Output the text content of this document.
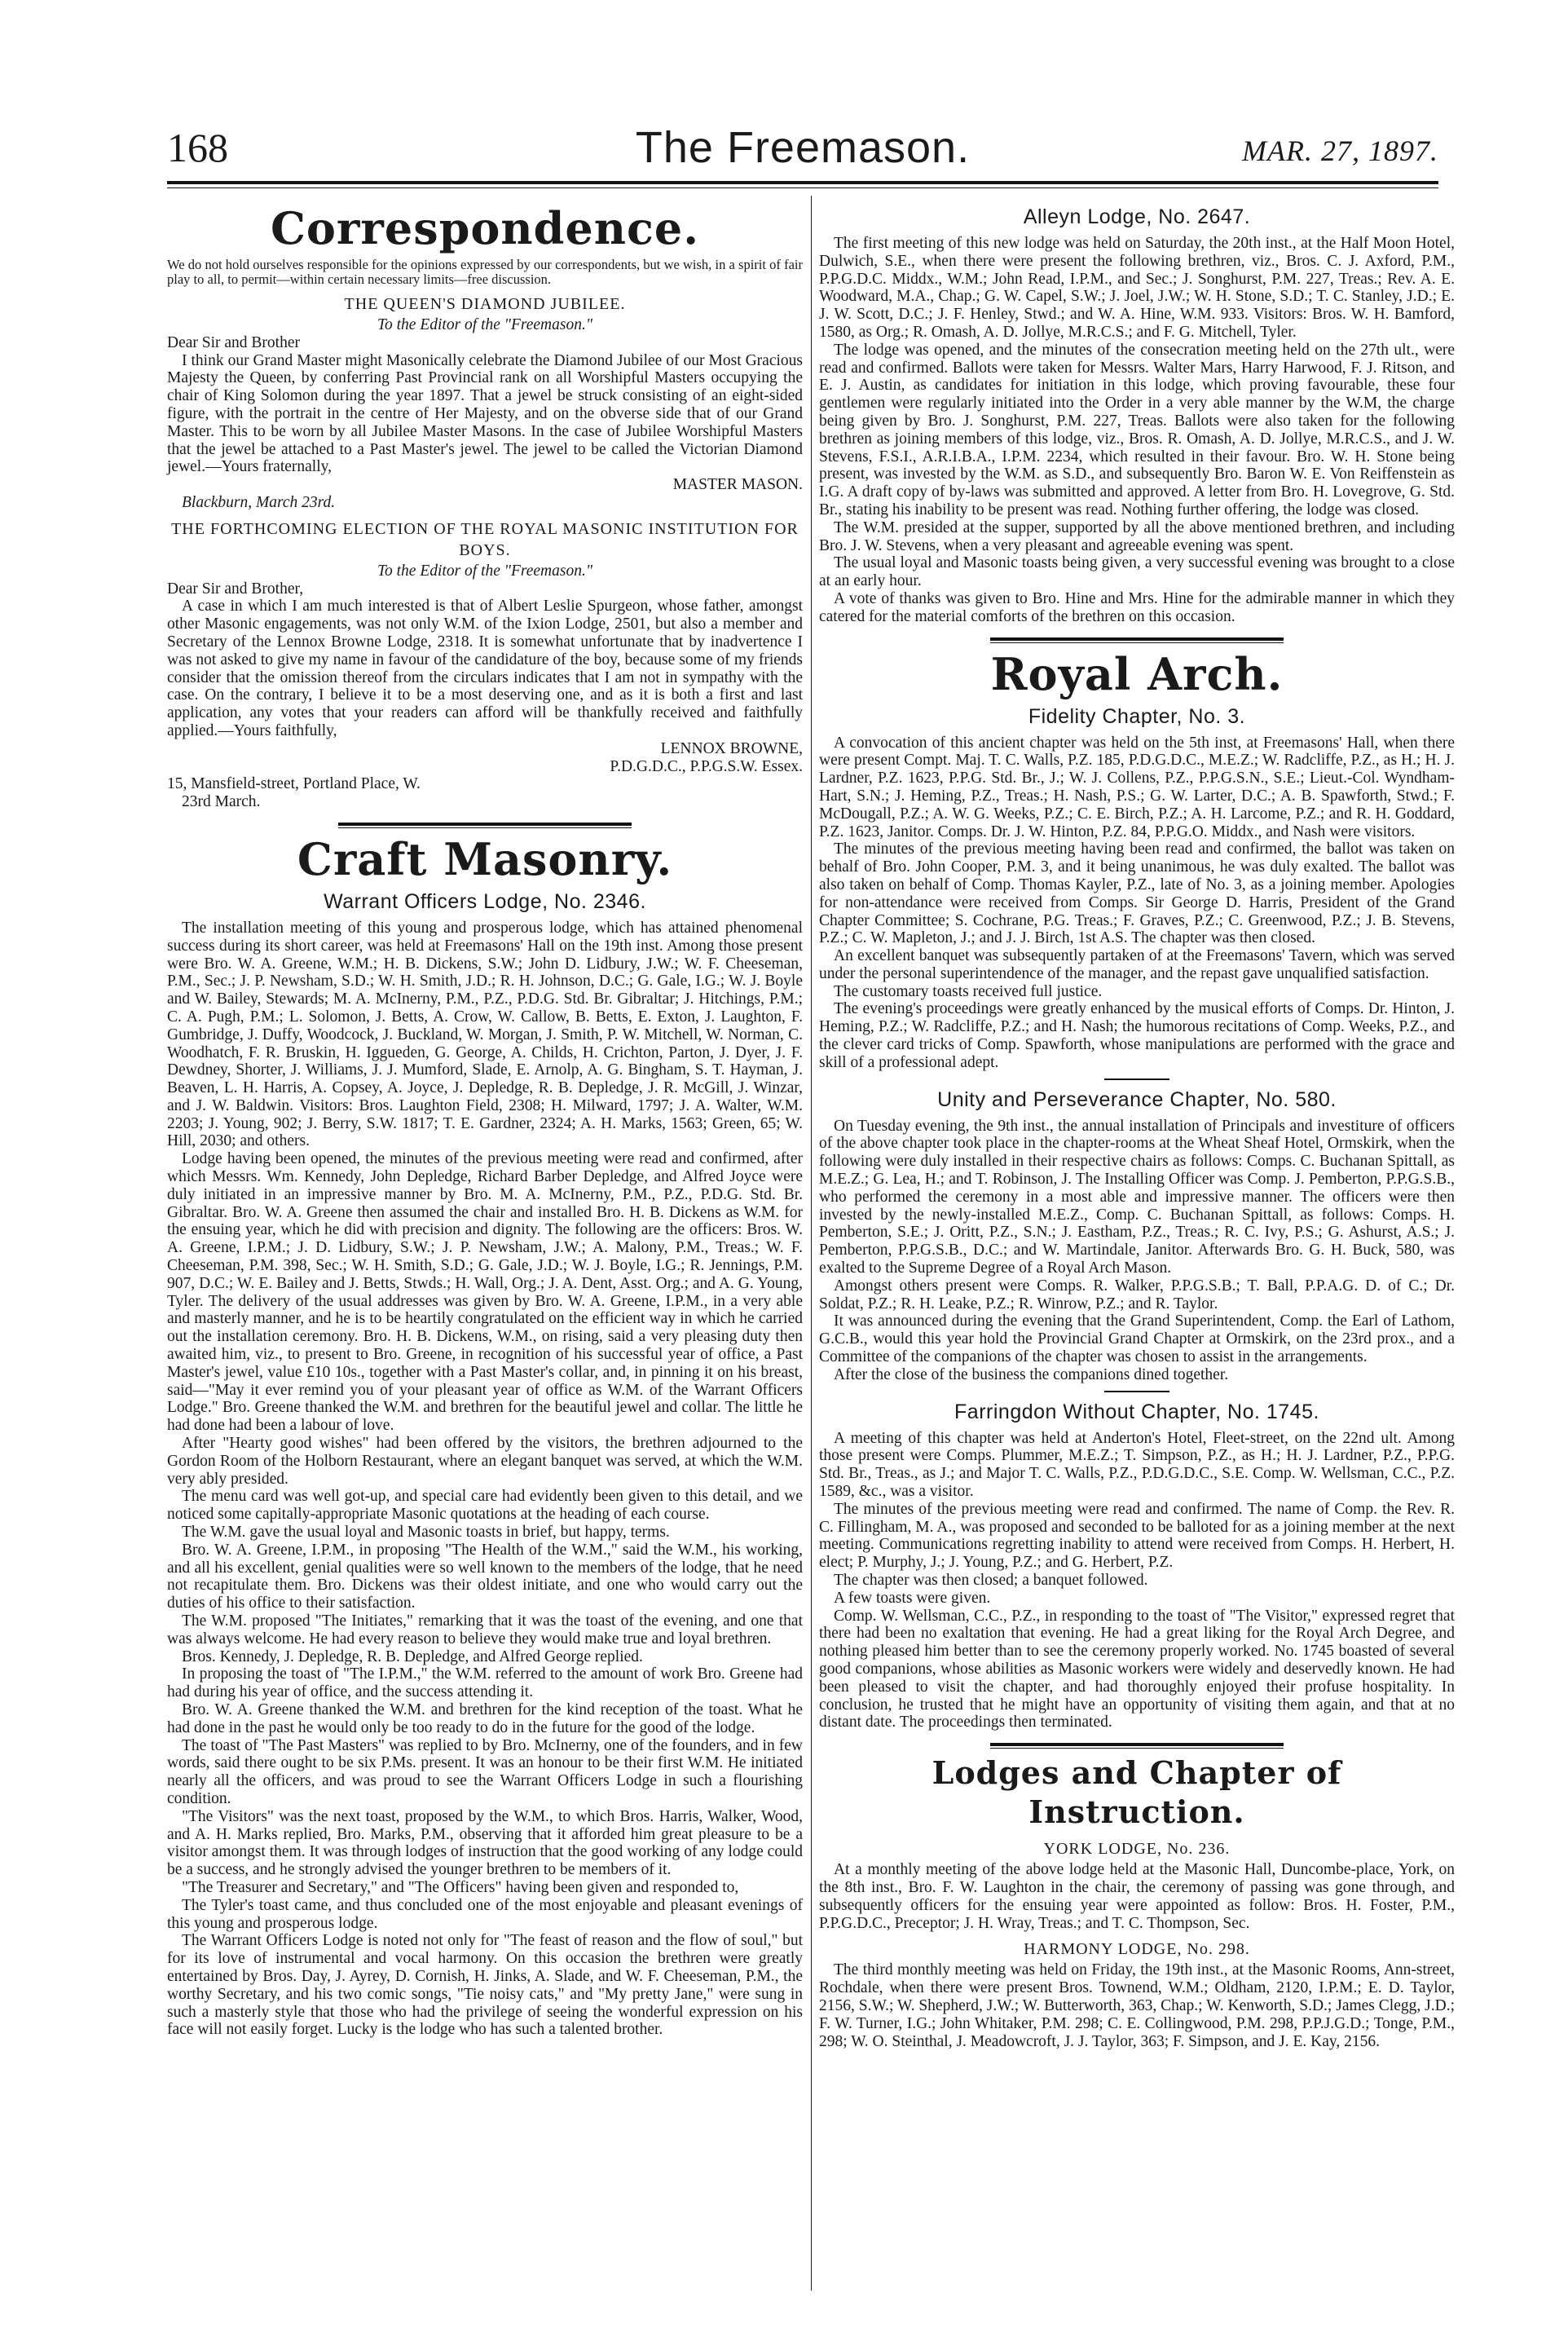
168	The Freemason.	MAR. 27, 1897.
Correspondence.

We do not hold ourselves responsible for the opinions expressed by our correspondents, but we wish, in a spirit of fair play to all, to permit—within certain necessary limits—free discussion.

THE QUEEN'S DIAMOND JUBILEE.
To the Editor of the "Freemason."

Dear Sir and Brother

I think our Grand Master might Masonically celebrate the Diamond Jubilee of our Most Gracious Majesty the Queen, by conferring Past Provincial rank on all Worshipful Masters occupying the chair of King Solomon during the year 1897. That a jewel be struck consisting of an eight-sided figure, with the portrait in the centre of Her Majesty, and on the obverse side that of our Grand Master. This to be worn by all Jubilee Master Masons. In the case of Jubilee Worshipful Masters that the jewel be attached to a Past Master's jewel. The jewel to be called the Victorian Diamond jewel.—Yours fraternally,

MASTER MASON.

Blackburn, March 23rd.

THE FORTHCOMING ELECTION OF THE ROYAL MASONIC INSTITUTION FOR BOYS.
To the Editor of the "Freemason."

Dear Sir and Brother,

A case in which I am much interested is that of Albert Leslie Spurgeon, whose father, amongst other Masonic engagements, was not only W.M. of the Ixion Lodge, 2501, but also a member and Secretary of the Lennox Browne Lodge, 2318. It is somewhat unfortunate that by inadvertence I was not asked to give my name in favour of the candidature of the boy, because some of my friends consider that the omission thereof from the circulars indicates that I am not in sympathy with the case. On the contrary, I believe it to be a most deserving one, and as it is both a first and last application, any votes that your readers can afford will be thankfully received and faithfully applied.—Yours faithfully,

LENNOX BROWNE,

P.D.G.D.C., P.P.G.S.W. Essex.

15, Mansfield-street, Portland Place, W.

23rd March.

Craft Masonry.
Warrant Officers Lodge, No. 2346.

The installation meeting of this young and prosperous lodge, which has attained phenomenal success during its short career, was held at Freemasons' Hall on the 19th inst. Among those present were Bro. W. A. Greene, W.M.; H. B. Dickens, S.W.; John D. Lidbury, J.W.; W. F. Cheeseman, P.M., Sec.; J. P. Newsham, S.D.; W. H. Smith, J.D.; R. H. Johnson, D.C.; G. Gale, I.G.; W. J. Boyle and W. Bailey, Stewards; M. A. McInerny, P.M., P.Z., P.D.G. Std. Br. Gibraltar; J. Hitchings, P.M.; C. A. Pugh, P.M.; L. Solomon, J. Betts, A. Crow, W. Callow, B. Betts, E. Exton, J. Laughton, F. Gumbridge, J. Duffy, Woodcock, J. Buckland, W. Morgan, J. Smith, P. W. Mitchell, W. Norman, C. Woodhatch, F. R. Bruskin, H. Iggueden, G. George, A. Childs, H. Crichton, Parton, J. Dyer, J. F. Dewdney, Shorter, J. Williams, J. J. Mumford, Slade, E. Arnolp, A. G. Bingham, S. T. Hayman, J. Beaven, L. H. Harris, A. Copsey, A. Joyce, J. Depledge, R. B. Depledge, J. R. McGill, J. Winzar, and J. W. Baldwin. Visitors: Bros. Laughton Field, 2308; H. Milward, 1797; J. A. Walter, W.M. 2203; J. Young, 902; J. Berry, S.W. 1817; T. E. Gardner, 2324; A. H. Marks, 1563; Green, 65; W. Hill, 2030; and others.

Lodge having been opened, the minutes of the previous meeting were read and confirmed, after which Messrs. Wm. Kennedy, John Depledge, Richard Barber Depledge, and Alfred Joyce were duly initiated in an impressive manner by Bro. M. A. McInerny, P.M., P.Z., P.D.G. Std. Br. Gibraltar. Bro. W. A. Greene then assumed the chair and installed Bro. H. B. Dickens as W.M. for the ensuing year, which he did with precision and dignity. The following are the officers: Bros. W. A. Greene, I.P.M.; J. D. Lidbury, S.W.; J. P. Newsham, J.W.; A. Malony, P.M., Treas.; W. F. Cheeseman, P.M. 398, Sec.; W. H. Smith, S.D.; G. Gale, J.D.; W. J. Boyle, I.G.; R. Jennings, P.M. 907, D.C.; W. E. Bailey and J. Betts, Stwds.; H. Wall, Org.; J. A. Dent, Asst. Org.; and A. G. Young, Tyler. The delivery of the usual addresses was given by Bro. W. A. Greene, I.P.M., in a very able and masterly manner, and he is to be heartily congratulated on the efficient way in which he carried out the installation ceremony. Bro. H. B. Dickens, W.M., on rising, said a very pleasing duty then awaited him, viz., to present to Bro. Greene, in recognition of his successful year of office, a Past Master's jewel, value £10 10s., together with a Past Master's collar, and, in pinning it on his breast, said—"May it ever remind you of your pleasant year of office as W.M. of the Warrant Officers Lodge." Bro. Greene thanked the W.M. and brethren for the beautiful jewel and collar. The little he had done had been a labour of love.

After "Hearty good wishes" had been offered by the visitors, the brethren adjourned to the Gordon Room of the Holborn Restaurant, where an elegant banquet was served, at which the W.M. very ably presided.

The menu card was well got-up, and special care had evidently been given to this detail, and we noticed some capitally-appropriate Masonic quotations at the heading of each course.

The W.M. gave the usual loyal and Masonic toasts in brief, but happy, terms.

Bro. W. A. Greene, I.P.M., in proposing "The Health of the W.M.," said the W.M., his working, and all his excellent, genial qualities were so well known to the members of the lodge, that he need not recapitulate them. Bro. Dickens was their oldest initiate, and one who would carry out the duties of his office to their satisfaction.

The W.M. proposed "The Initiates," remarking that it was the toast of the evening, and one that was always welcome. He had every reason to believe they would make true and loyal brethren.

Bros. Kennedy, J. Depledge, R. B. Depledge, and Alfred George replied.

In proposing the toast of "The I.P.M.," the W.M. referred to the amount of work Bro. Greene had had during his year of office, and the success attending it.

Bro. W. A. Greene thanked the W.M. and brethren for the kind reception of the toast. What he had done in the past he would only be too ready to do in the future for the good of the lodge.

The toast of "The Past Masters" was replied to by Bro. McInerny, one of the founders, and in few words, said there ought to be six P.Ms. present. It was an honour to be their first W.M. He initiated nearly all the officers, and was proud to see the Warrant Officers Lodge in such a flourishing condition.

"The Visitors" was the next toast, proposed by the W.M., to which Bros. Harris, Walker, Wood, and A. H. Marks replied, Bro. Marks, P.M., observing that it afforded him great pleasure to be a visitor amongst them. It was through lodges of instruction that the good working of any lodge could be a success, and he strongly advised the younger brethren to be members of it.

"The Treasurer and Secretary," and "The Officers" having been given and responded to,

The Tyler's toast came, and thus concluded one of the most enjoyable and pleasant evenings of this young and prosperous lodge.

The Warrant Officers Lodge is noted not only for "The feast of reason and the flow of soul," but for its love of instrumental and vocal harmony. On this occasion the brethren were greatly entertained by Bros. Day, J. Ayrey, D. Cornish, H. Jinks, A. Slade, and W. F. Cheeseman, P.M., the worthy Secretary, and his two comic songs, "Tie noisy cats," and "My pretty Jane," were sung in such a masterly style that those who had the privilege of seeing the wonderful expression on his face will not easily forget. Lucky is the lodge who has such a talented brother.

Alleyn Lodge, No. 2647.

The first meeting of this new lodge was held on Saturday, the 20th inst., at the Half Moon Hotel, Dulwich, S.E., when there were present the following brethren, viz., Bros. C. J. Axford, P.M., P.P.G.D.C. Middx., W.M.; John Read, I.P.M., and Sec.; J. Songhurst, P.M. 227, Treas.; Rev. A. E. Woodward, M.A., Chap.; G. W. Capel, S.W.; J. Joel, J.W.; W. H. Stone, S.D.; T. C. Stanley, J.D.; E. J. W. Scott, D.C.; J. F. Henley, Stwd.; and W. A. Hine, W.M. 933. Visitors: Bros. W. H. Bamford, 1580, as Org.; R. Omash, A. D. Jollye, M.R.C.S.; and F. G. Mitchell, Tyler.

The lodge was opened, and the minutes of the consecration meeting held on the 27th ult., were read and confirmed. Ballots were taken for Messrs. Walter Mars, Harry Harwood, F. J. Ritson, and E. J. Austin, as candidates for initiation in this lodge, which proving favourable, these four gentlemen were regularly initiated into the Order in a very able manner by the W.M, the charge being given by Bro. J. Songhurst, P.M. 227, Treas. Ballots were also taken for the following brethren as joining members of this lodge, viz., Bros. R. Omash, A. D. Jollye, M.R.C.S., and J. W. Stevens, F.S.I., A.R.I.B.A., I.P.M. 2234, which resulted in their favour. Bro. W. H. Stone being present, was invested by the W.M. as S.D., and subsequently Bro. Baron W. E. Von Reiffenstein as I.G. A draft copy of by-laws was submitted and approved. A letter from Bro. H. Lovegrove, G. Std. Br., stating his inability to be present was read. Nothing further offering, the lodge was closed.

The W.M. presided at the supper, supported by all the above mentioned brethren, and including Bro. J. W. Stevens, when a very pleasant and agreeable evening was spent.

The usual loyal and Masonic toasts being given, a very successful evening was brought to a close at an early hour.

A vote of thanks was given to Bro. Hine and Mrs. Hine for the admirable manner in which they catered for the material comforts of the brethren on this occasion.

Royal Arch.
Fidelity Chapter, No. 3.

A convocation of this ancient chapter was held on the 5th inst, at Freemasons' Hall, when there were present Compt. Maj. T. C. Walls, P.Z. 185, P.D.G.D.C., M.E.Z.; W. Radcliffe, P.Z., as H.; H. J. Lardner, P.Z. 1623, P.P.G. Std. Br., J.; W. J. Collens, P.Z., P.P.G.S.N., S.E.; Lieut.-Col. Wyndham-Hart, S.N.; J. Heming, P.Z., Treas.; H. Nash, P.S.; G. W. Larter, D.C.; A. B. Spawforth, Stwd.; F. McDougall, P.Z.; A. W. G. Weeks, P.Z.; C. E. Birch, P.Z.; A. H. Larcome, P.Z.; and R. H. Goddard, P.Z. 1623, Janitor. Comps. Dr. J. W. Hinton, P.Z. 84, P.P.G.O. Middx., and Nash were visitors.

The minutes of the previous meeting having been read and confirmed, the ballot was taken on behalf of Bro. John Cooper, P.M. 3, and it being unanimous, he was duly exalted. The ballot was also taken on behalf of Comp. Thomas Kayler, P.Z., late of No. 3, as a joining member. Apologies for non-attendance were received from Comps. Sir George D. Harris, President of the Grand Chapter Committee; S. Cochrane, P.G. Treas.; F. Graves, P.Z.; C. Greenwood, P.Z.; J. B. Stevens, P.Z.; C. W. Mapleton, J.; and J. J. Birch, 1st A.S. The chapter was then closed.

An excellent banquet was subsequently partaken of at the Freemasons' Tavern, which was served under the personal superintendence of the manager, and the repast gave unqualified satisfaction.

The customary toasts received full justice.

The evening's proceedings were greatly enhanced by the musical efforts of Comps. Dr. Hinton, J. Heming, P.Z.; W. Radcliffe, P.Z.; and H. Nash; the humorous recitations of Comp. Weeks, P.Z., and the clever card tricks of Comp. Spawforth, whose manipulations are performed with the grace and skill of a professional adept.

Unity and Perseverance Chapter, No. 580.

On Tuesday evening, the 9th inst., the annual installation of Principals and investiture of officers of the above chapter took place in the chapter-rooms at the Wheat Sheaf Hotel, Ormskirk, when the following were duly installed in their respective chairs as follows: Comps. C. Buchanan Spittall, as M.E.Z.; G. Lea, H.; and T. Robinson, J. The Installing Officer was Comp. J. Pemberton, P.P.G.S.B., who performed the ceremony in a most able and impressive manner. The officers were then invested by the newly-installed M.E.Z., Comp. C. Buchanan Spittall, as follows: Comps. H. Pemberton, S.E.; J. Oritt, P.Z., S.N.; J. Eastham, P.Z., Treas.; R. C. Ivy, P.S.; G. Ashurst, A.S.; J. Pemberton, P.P.G.S.B., D.C.; and W. Martindale, Janitor. Afterwards Bro. G. H. Buck, 580, was exalted to the Supreme Degree of a Royal Arch Mason.

Amongst others present were Comps. R. Walker, P.P.G.S.B.; T. Ball, P.P.A.G. D. of C.; Dr. Soldat, P.Z.; R. H. Leake, P.Z.; R. Winrow, P.Z.; and R. Taylor.

It was announced during the evening that the Grand Superintendent, Comp. the Earl of Lathom, G.C.B., would this year hold the Provincial Grand Chapter at Ormskirk, on the 23rd prox., and a Committee of the companions of the chapter was chosen to assist in the arrangements.

After the close of the business the companions dined together.

Farringdon Without Chapter, No. 1745.

A meeting of this chapter was held at Anderton's Hotel, Fleet-street, on the 22nd ult. Among those present were Comps. Plummer, M.E.Z.; T. Simpson, P.Z., as H.; H. J. Lardner, P.Z., P.P.G. Std. Br., Treas., as J.; and Major T. C. Walls, P.Z., P.D.G.D.C., S.E. Comp. W. Wellsman, C.C., P.Z. 1589, &c., was a visitor.

The minutes of the previous meeting were read and confirmed. The name of Comp. the Rev. R. C. Fillingham, M. A., was proposed and seconded to be balloted for as a joining member at the next meeting. Communications regretting inability to attend were received from Comps. H. Herbert, H. elect; P. Murphy, J.; J. Young, P.Z.; and G. Herbert, P.Z.

The chapter was then closed; a banquet followed.

A few toasts were given.

Comp. W. Wellsman, C.C., P.Z., in responding to the toast of "The Visitor," expressed regret that there had been no exaltation that evening. He had a great liking for the Royal Arch Degree, and nothing pleased him better than to see the ceremony properly worked. No. 1745 boasted of several good companions, whose abilities as Masonic workers were widely and deservedly known. He had been pleased to visit the chapter, and had thoroughly enjoyed their profuse hospitality. In conclusion, he trusted that he might have an opportunity of visiting them again, and that at no distant date. The proceedings then terminated.

Lodges and Chapter of Instruction.
YORK LODGE, No. 236.

At a monthly meeting of the above lodge held at the Masonic Hall, Duncombe-place, York, on the 8th inst., Bro. F. W. Laughton in the chair, the ceremony of passing was gone through, and subsequently officers for the ensuing year were appointed as follow: Bros. H. Foster, P.M., P.P.G.D.C., Preceptor; J. H. Wray, Treas.; and T. C. Thompson, Sec.

HARMONY LODGE, No. 298.

The third monthly meeting was held on Friday, the 19th inst., at the Masonic Rooms, Ann-street, Rochdale, when there were present Bros. Townend, W.M.; Oldham, 2120, I.P.M.; E. D. Taylor, 2156, S.W.; W. Shepherd, J.W.; W. Butterworth, 363, Chap.; W. Kenworth, S.D.; James Clegg, J.D.; F. W. Turner, I.G.; John Whitaker, P.M. 298; C. E. Collingwood, P.M. 298, P.P.J.G.D.; Tonge, P.M., 298; W. O. Steinthal, J. Meadowcroft, J. J. Taylor, 363; F. Simpson, and J. E. Kay, 2156.
